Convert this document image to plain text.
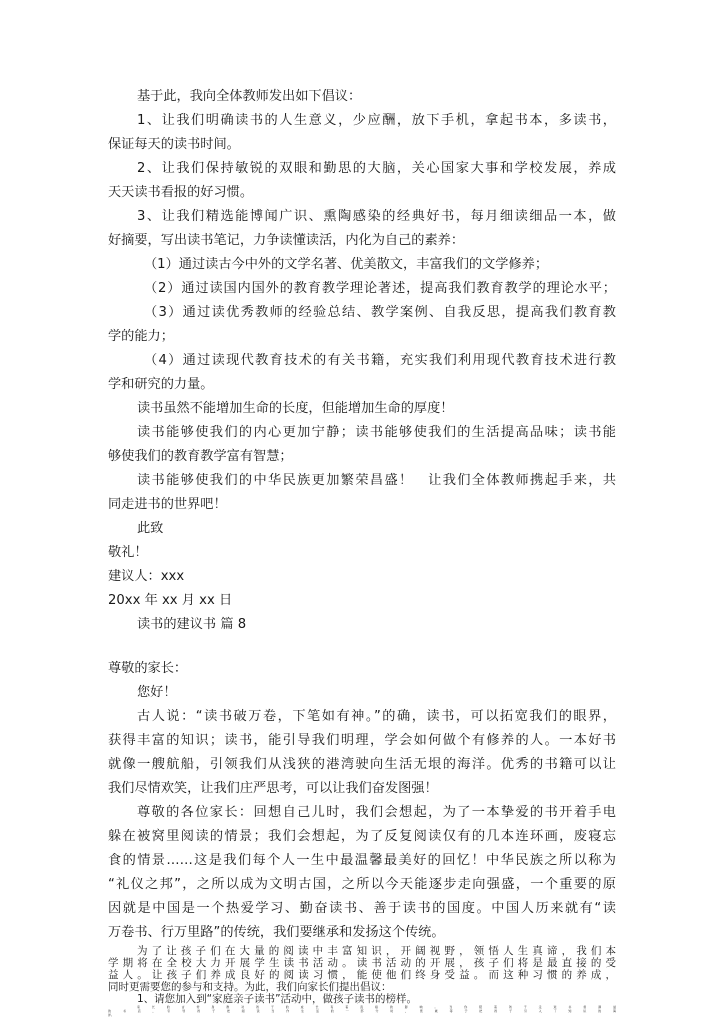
基于此，我向全体教师发出如下倡议：
1、让我们明确读书的人生意义，少应酬，放下手机，拿起书本，多读书，
保证每天的读书时间。
2、让我们保持敏锐的双眼和勤思的大脑，关心国家大事和学校发展，养成
天天读书看报的好习惯。
3、让我们精选能博闻广识、熏陶感染的经典好书，每月细读细品一本，做
好摘要，写出读书笔记，力争读懂读活，内化为自己的素养：
（1）通过读古今中外的文学名著、优美散文，丰富我们的文学修养；
（2）通过读国内国外的教育教学理论著述，提高我们教育教学的理论水平；
（3）通过读优秀教师的经验总结、教学案例、自我反思，提高我们教育教
学的能力；
（4）通过读现代教育技术的有关书籍，充实我们利用现代教育技术进行教
学和研究的力量。
读书虽然不能增加生命的长度，但能增加生命的厚度！
读书能够使我们的内心更加宁静；读书能够使我们的生活提高品味；读书能
够使我们的教育教学富有智慧；
读书能够使我们的中华民族更加繁荣昌盛！　让我们全体教师携起手来，共
同走进书的世界吧！
此致
敬礼！
建议人：xxx
20xx 年 xx 月 xx 日
读书的建议书 篇 8
尊敬的家长：
您好！
古人说：“读书破万卷，下笔如有神。”的确，读书，可以拓宽我们的眼界，
获得丰富的知识；读书，能引导我们明理，学会如何做个有修养的人。一本好书
就像一艘航船，引领我们从浅狭的港湾驶向生活无垠的海洋。优秀的书籍可以让
我们尽情欢笑，让我们庄严思考，可以让我们奋发图强！
尊敬的各位家长：回想自己儿时，我们会想起，为了一本挚爱的书开着手电
躲在被窝里阅读的情景；我们会想起，为了反复阅读仅有的几本连环画，废寝忘
食的情景……这是我们每个人一生中最温馨最美好的回忆！中华民族之所以称为
“礼仪之邦”，之所以成为文明古国，之所以今天能逐步走向强盛，一个重要的原
因就是中国是一个热爱学习、勤奋读书、善于读书的国度。中国人历来就有“读
万卷书、行万里路”的传统，我们要继承和发扬这个传统。
为了让孩子们在大量的阅读中丰富知识，开阔视野，领悟人生真谛，我们本
学期将在全校大力开展学生读书活动。读书活动的开展，孩子们将是最直接的受
益人。让孩子们养成良好的阅读习惯，能使他们终身受益。而这种习惯的养成，
同时更需要您的参与和支持。为此，我们向家长们提出倡议：
1、请您加入到“家庭亲子读书”活动中，做孩子读书的榜样。
家长的言传身教对孩子的成长有着直接的影响。当你陪着孩子走进书香满溢
的书店，引导孩子把阅读当作生活的一部分时，您就等于把孩子引入了知识的海
洋。
